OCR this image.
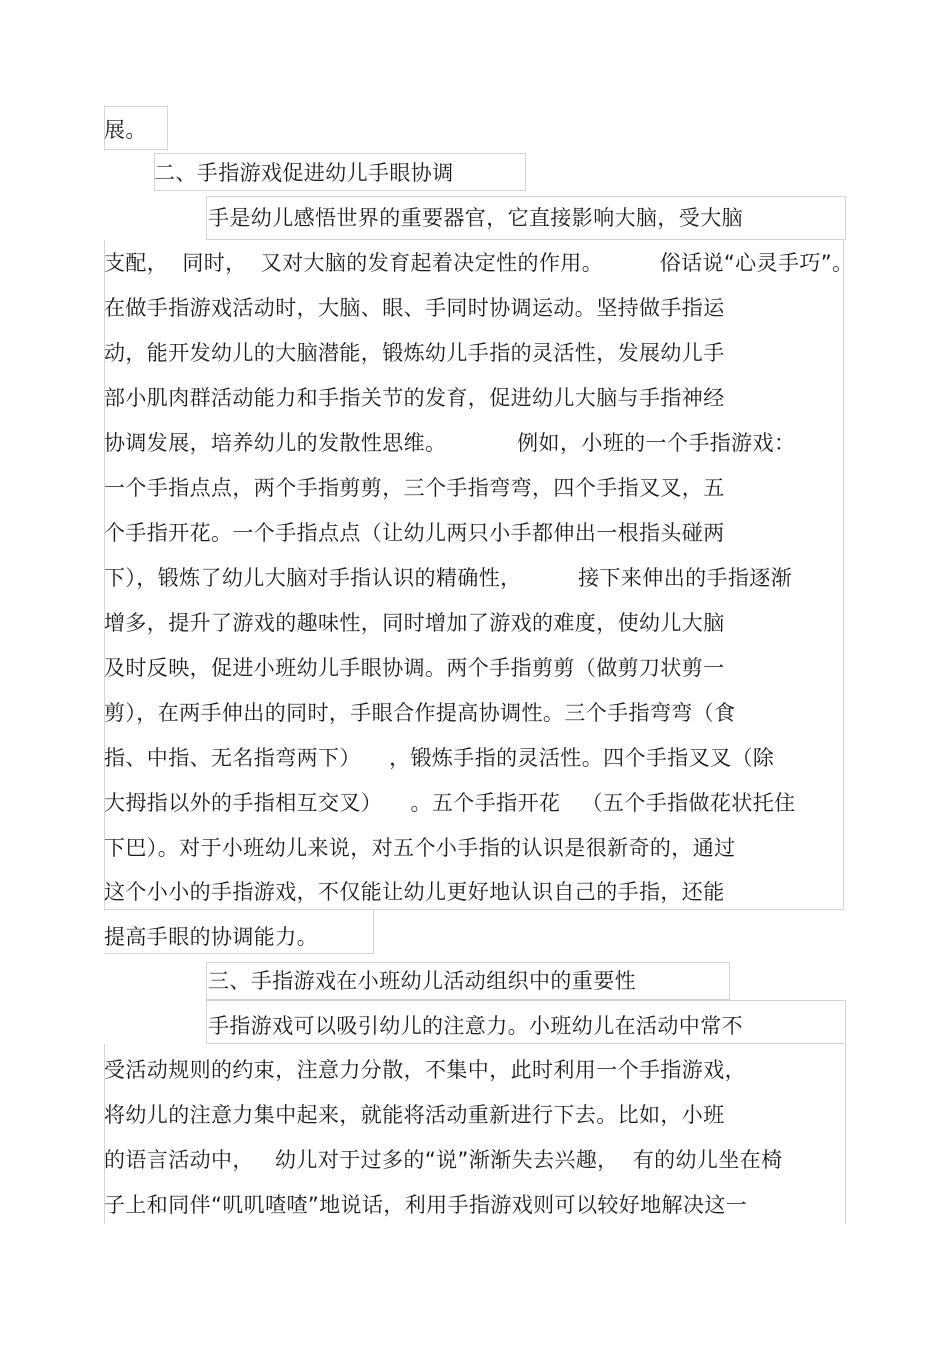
展。
二、手指游戏促进幼儿手眼协调
手是幼儿感悟世界的重要器官，它直接影响大脑，受大脑
支配，  同时，  又对大脑的发育起着决定性的作用。        俗话说“心灵手巧”。
在做手指游戏活动时，大脑、眼、手同时协调运动。坚持做手指运
动，能开发幼儿的大脑潜能，锻炼幼儿手指的灵活性，发展幼儿手
部小肌肉群活动能力和手指关节的发育，促进幼儿大脑与手指神经
协调发展，培养幼儿的发散性思维。          例如，小班的一个手指游戏：
一个手指点点，两个手指剪剪，三个手指弯弯，四个手指叉叉，五
个手指开花。一个手指点点（让幼儿两只小手都伸出一根指头碰两
下），锻炼了幼儿大脑对手指认识的精确性，        接下来伸出的手指逐渐
增多，提升了游戏的趣味性，同时增加了游戏的难度，使幼儿大脑
及时反映，促进小班幼儿手眼协调。两个手指剪剪（做剪刀状剪一
剪），在两手伸出的同时，手眼合作提高协调性。三个手指弯弯（食
指、中指、无名指弯两下）    ，锻炼手指的灵活性。四个手指叉叉（除
大拇指以外的手指相互交叉）    。五个手指开花   （五个手指做花状托住
下巴）。对于小班幼儿来说，对五个小手指的认识是很新奇的，通过
这个小小的手指游戏，不仅能让幼儿更好地认识自己的手指，还能
提高手眼的协调能力。
三、手指游戏在小班幼儿活动组织中的重要性
手指游戏可以吸引幼儿的注意力。小班幼儿在活动中常不
受活动规则的约束，注意力分散，不集中，此时利用一个手指游戏，
将幼儿的注意力集中起来，就能将活动重新进行下去。比如，小班
的语言活动中，   幼儿对于过多的“说”渐渐失去兴趣，  有的幼儿坐在椅
子上和同伴“叽叽喳喳”地说话，利用手指游戏则可以较好地解决这一
